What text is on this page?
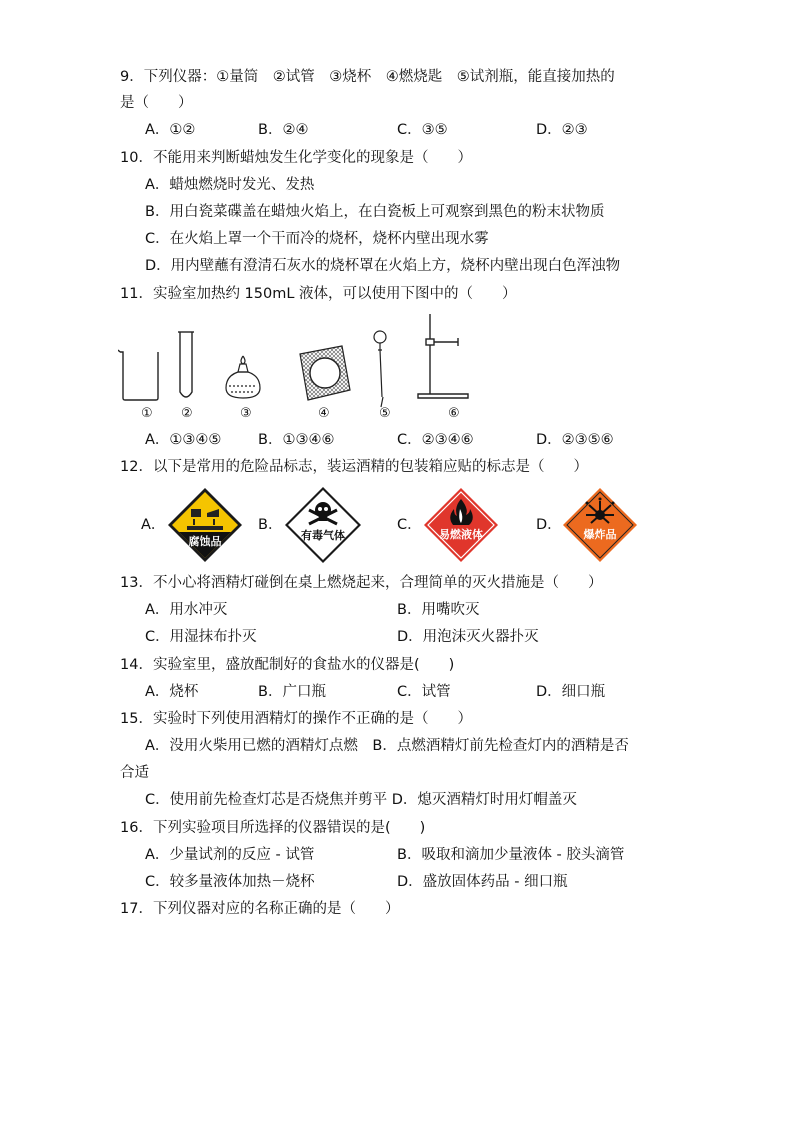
9．下列仪器：①量筒　②试管　③烧杯　④燃烧匙　⑤试剂瓶，能直接加热的
是（　　）
A．①②	B．②④	C．③⑤	D．②③
10．不能用来判断蜡烛发生化学变化的现象是（　　）
A．蜡烛燃烧时发光、发热
B．用白瓷菜碟盖在蜡烛火焰上，在白瓷板上可观察到黑色的粉末状物质
C．在火焰上罩一个干而冷的烧杯，烧杯内壁出现水雾
D．用内壁蘸有澄清石灰水的烧杯罩在火焰上方，烧杯内壁出现白色浑浊物
11．实验室加热约 150mL 液体，可以使用下图中的（　　）
① ②	③	④	⑤	⑥
A．①③④⑤	B．①③④⑥	C．②③④⑥	D．②③⑤⑥
12．以下是常用的危险品标志，装运酒精的包装箱应贴的标志是（　　）
A．	B．	C．	D．
腐蚀品	有毒气体	易燃液体	爆炸品
13．不小心将酒精灯碰倒在桌上燃烧起来，合理简单的灭火措施是（　　）
A．用水冲灭	B．用嘴吹灭
C．用湿抹布扑灭	D．用泡沫灭火器扑灭
14．实验室里，盛放配制好的食盐水的仪器是(　　)
A．烧杯	B．广口瓶	C．试管	D．细口瓶
15．实验时下列使用酒精灯的操作不正确的是（　　）
A．没用火柴用已燃的酒精灯点燃　B．点燃酒精灯前先检查灯内的酒精是否
合适
C．使用前先检查灯芯是否烧焦并剪平 D．熄灭酒精灯时用灯帽盖灭
16．下列实验项目所选择的仪器错误的是(　　)
A．少量试剂的反应 - 试管	B．吸取和滴加少量液体 - 胶头滴管
C．较多量液体加热－烧杯	D．盛放固体药品 - 细口瓶
17．下列仪器对应的名称正确的是（　　）
